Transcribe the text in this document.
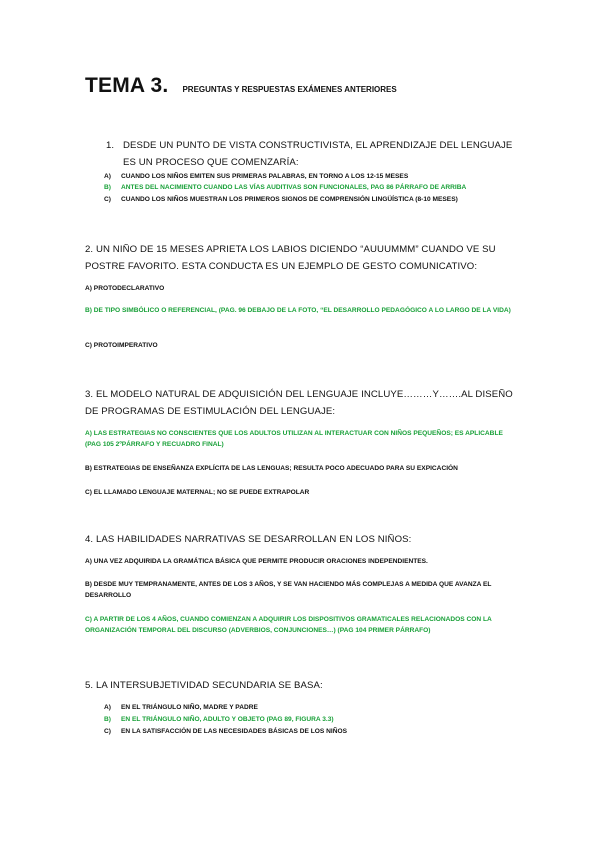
TEMA 3. PREGUNTAS Y RESPUESTAS EXÁMENES ANTERIORES
1. DESDE UN PUNTO DE VISTA CONSTRUCTIVISTA, EL APRENDIZAJE DEL LENGUAJE ES UN PROCESO QUE COMENZARÍA:
A)	CUANDO LOS NIÑOS EMITEN SUS PRIMERAS PALABRAS, EN TORNO A LOS 12-15 MESES
B)	ANTES DEL NACIMIENTO CUANDO LAS VÍAS AUDITIVAS SON FUNCIONALES, PAG 86 PÁRRAFO DE ARRIBA
C)	CUANDO LOS NIÑOS MUESTRAN LOS PRIMEROS SIGNOS DE COMPRENSIÓN LINGÜÍSTICA (8-10 MESES)
2. UN NIÑO DE 15 MESES APRIETA LOS LABIOS DICIENDO “AUUUMMM” CUANDO VE SU POSTRE FAVORITO. ESTA CONDUCTA ES UN EJEMPLO DE GESTO COMUNICATIVO:
A) PROTODECLARATIVO
B) DE TIPO SIMBÓLICO O REFERENCIAL, (PAG. 96 DEBAJO DE LA FOTO, “EL DESARROLLO PEDAGÓGICO A LO LARGO DE LA VIDA)
C) PROTOIMPERATIVO
3. EL MODELO NATURAL DE ADQUISICIÓN DEL LENGUAJE INCLUYE………Y…….AL DISEÑO DE PROGRAMAS DE ESTIMULACIÓN DEL LENGUAJE:
A) LAS ESTRATEGIAS NO CONSCIENTES QUE LOS ADULTOS UTILIZAN AL INTERACTUAR CON NIÑOS PEQUEÑOS; ES APLICABLE (PAG 105 2ºPÁRRAFO Y RECUADRO FINAL)
B) ESTRATEGIAS DE ENSEÑANZA EXPLÍCITA DE LAS LENGUAS; RESULTA POCO ADECUADO PARA SU EXPICACIÓN
C) EL LLAMADO LENGUAJE MATERNAL; NO SE PUEDE EXTRAPOLAR
4. LAS HABILIDADES NARRATIVAS SE DESARROLLAN EN LOS NIÑOS:
A) UNA VEZ ADQUIRIDA LA GRAMÁTICA BÁSICA QUE PERMITE PRODUCIR ORACIONES INDEPENDIENTES.
B) DESDE MUY TEMPRANAMENTE, ANTES DE LOS 3 AÑOS, Y SE VAN HACIENDO MÁS COMPLEJAS A MEDIDA QUE AVANZA EL DESARROLLO
C) A PARTIR DE LOS 4 AÑOS, CUANDO COMIENZAN A ADQUIRIR LOS DISPOSITIVOS GRAMATICALES RELACIONADOS CON LA ORGANIZACIÓN TEMPORAL DEL DISCURSO (ADVERBIOS, CONJUNCIONES…) (PAG 104 PRIMER PÁRRAFO)
5. LA INTERSUBJETIVIDAD SECUNDARIA SE BASA:
A)	EN EL TRIÁNGULO NIÑO, MADRE Y PADRE
B)	EN EL TRIÁNGULO NIÑO, ADULTO Y OBJETO (PAG 89, FIGURA 3.3)
C)	EN LA SATISFACCIÓN DE LAS NECESIDADES BÁSICAS DE LOS NIÑOS
